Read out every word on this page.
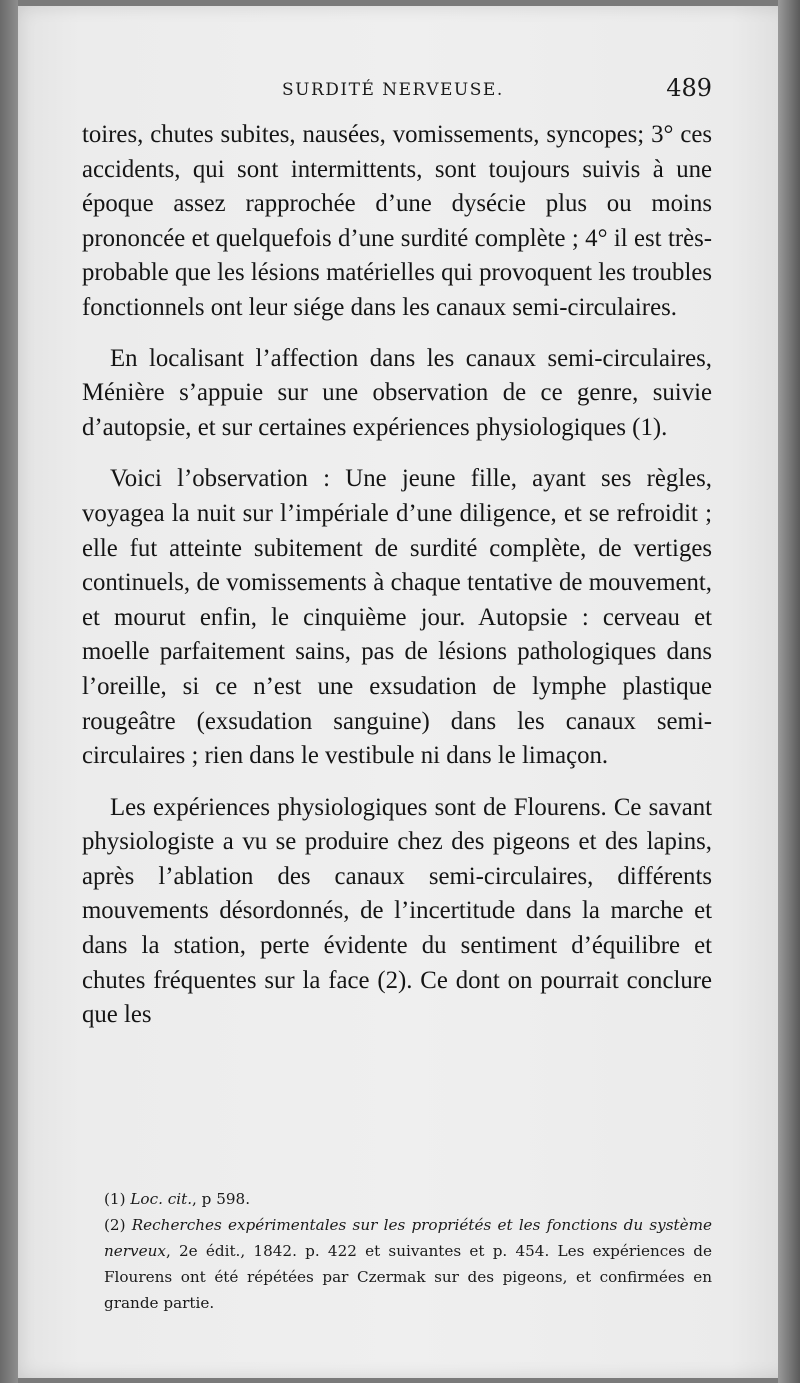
SURDITÉ NERVEUSE.	489

toires, chutes subites, nausées, vomissements, syncopes; 3° ces accidents, qui sont intermittents, sont toujours suivis à une époque assez rapprochée d’une dysécie plus ou moins prononcée et quelquefois d’une surdité complète ; 4° il est très-probable que les lésions matérielles qui provoquent les troubles fonctionnels ont leur siége dans les canaux semi-circulaires.

En localisant l’affection dans les canaux semi-circulaires, Ménière s’appuie sur une observation de ce genre, suivie d’autopsie, et sur certaines expériences physiologiques (1).

Voici l’observation : Une jeune fille, ayant ses règles, voyagea la nuit sur l’impériale d’une diligence, et se refroidit ; elle fut atteinte subitement de surdité complète, de vertiges continuels, de vomissements à chaque tentative de mouvement, et mourut enfin, le cinquième jour. Autopsie : cerveau et moelle parfaitement sains, pas de lésions pathologiques dans l’oreille, si ce n’est une exsudation de lymphe plastique rougeâtre (exsudation sanguine) dans les canaux semi-circulaires ; rien dans le vestibule ni dans le limaçon.

Les expériences physiologiques sont de Flourens. Ce savant physiologiste a vu se produire chez des pigeons et des lapins, après l’ablation des canaux semi-circulaires, différents mouvements désordonnés, de l’incertitude dans la marche et dans la station, perte évidente du sentiment d’équilibre et chutes fréquentes sur la face (2). Ce dont on pourrait conclure que les

(1) Loc. cit., p 598.

(2) Recherches expérimentales sur les propriétés et les fonctions du système nerveux, 2e édit., 1842. p. 422 et suivantes et p. 454. Les expériences de Flourens ont été répétées par Czermak sur des pigeons, et confirmées en grande partie.
